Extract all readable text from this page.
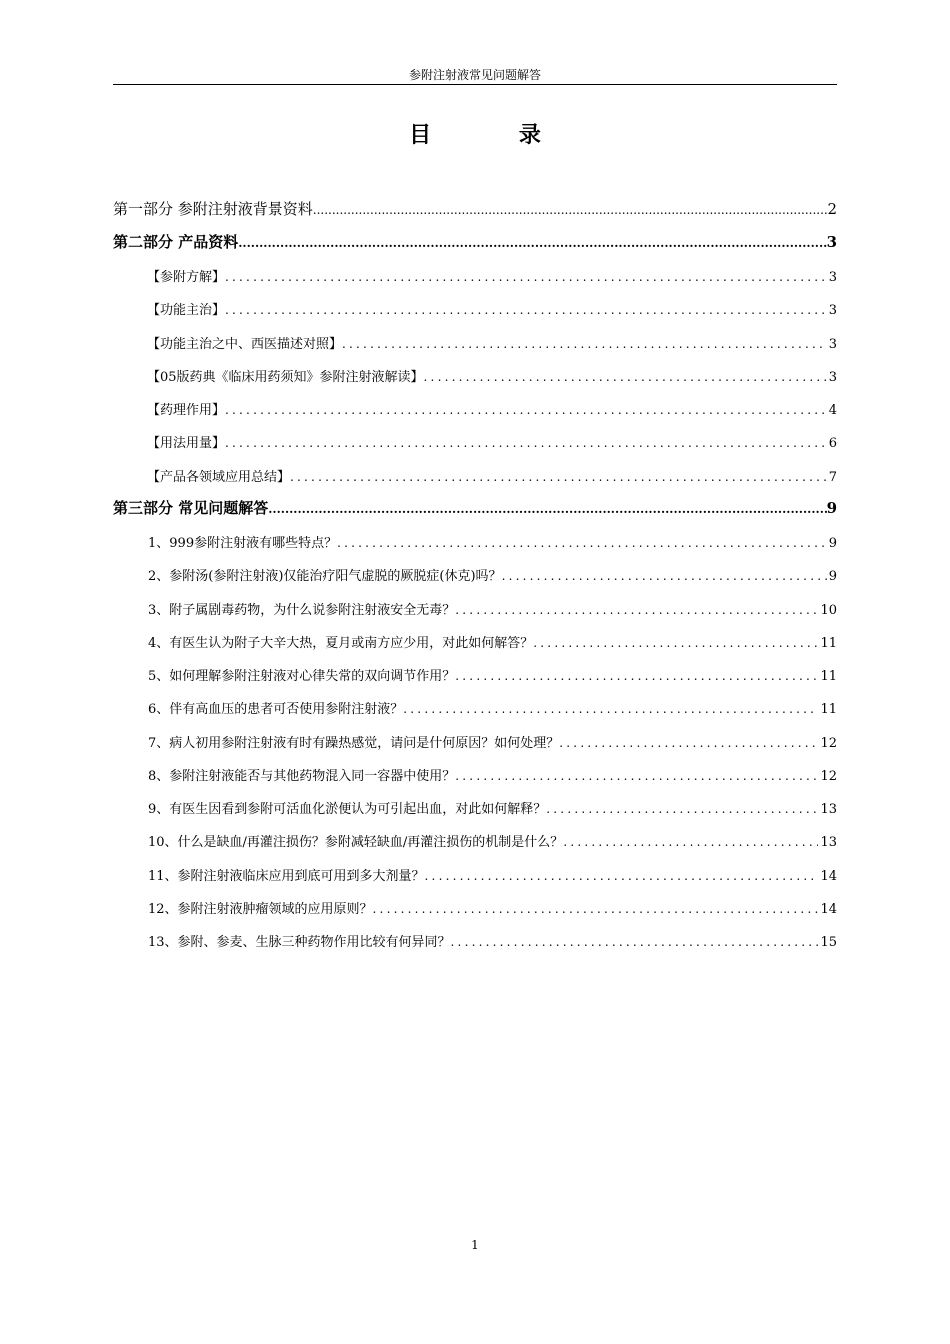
参附注射液常见问题解答
目 录
第一部分 参附注射液背景资料 .....	2
第二部分 产品资料 .....	3
【参附方解】 .....	3
【功能主治】 .....	3
【功能主治之中、西医描述对照】 .....	3
【05版药典《临床用药须知》参附注射液解读】 .....	3
【药理作用】 .....	4
【用法用量】 .....	6
【产品各领域应用总结】 .....	7
第三部分 常见问题解答 .....	9
1、999参附注射液有哪些特点？ .....	9
2、参附汤(参附注射液)仅能治疗阳气虚脱的厥脱症(休克)吗？ .....	9
3、附子属剧毒药物，为什么说参附注射液安全无毒？ .....	10
4、有医生认为附子大辛大热，夏月或南方应少用，对此如何解答？ .....	11
5、如何理解参附注射液对心律失常的双向调节作用？ .....	11
6、伴有高血压的患者可否使用参附注射液？ .....	11
7、病人初用参附注射液有时有躁热感觉，请问是什何原因？如何处理？ .....	12
8、参附注射液能否与其他药物混入同一容器中使用？ .....	12
9、有医生因看到参附可活血化淤便认为可引起出血，对此如何解释？ .....	13
10、什么是缺血/再灌注损伤？参附减轻缺血/再灌注损伤的机制是什么？ .....	13
11、参附注射液临床应用到底可用到多大剂量？ .....	14
12、参附注射液肿瘤领域的应用原则？ .....	14
13、参附、参麦、生脉三种药物作用比较有何异同？ .....	15
1
